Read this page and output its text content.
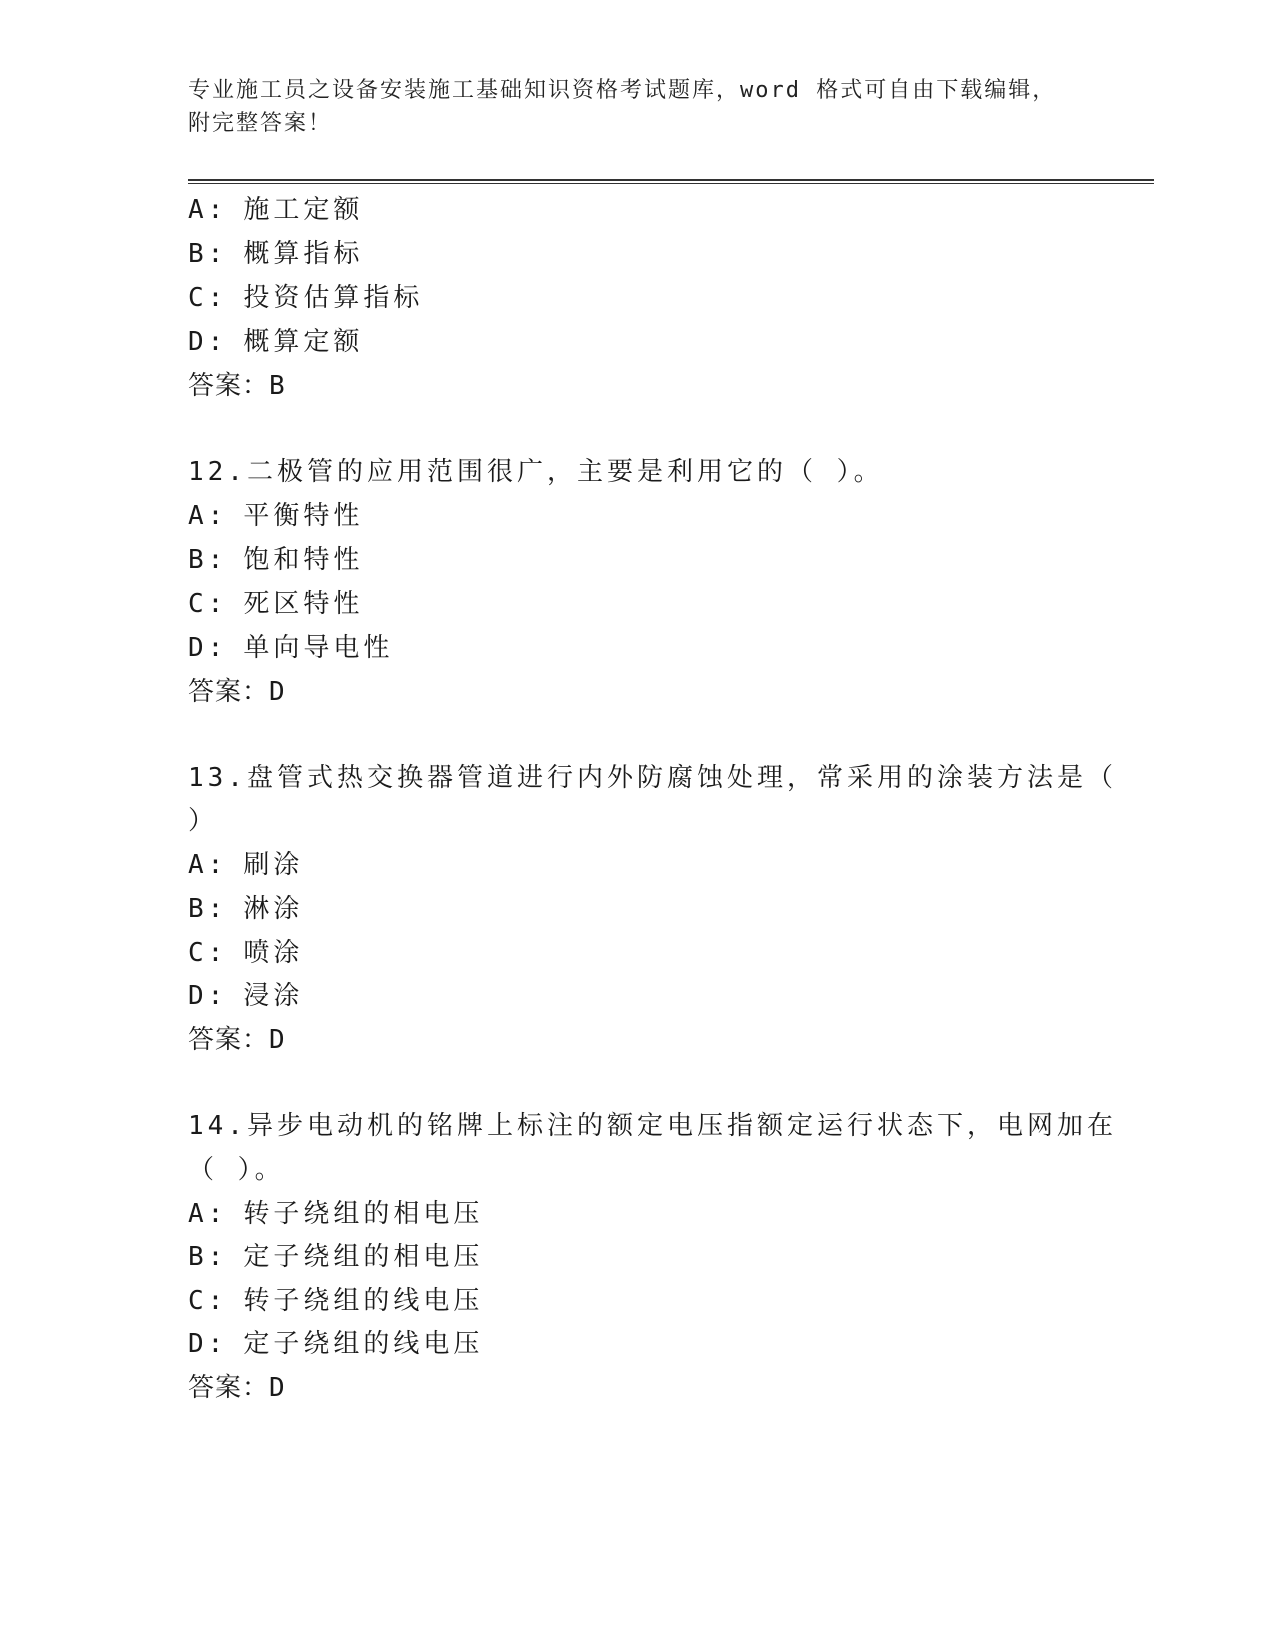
专业施工员之设备安装施工基础知识资格考试题库，word 格式可自由下载编辑，
附完整答案！
A: 施工定额
B: 概算指标
C: 投资估算指标
D: 概算定额
答案：B
12.二极管的应用范围很广，主要是利用它的（ ）。
A: 平衡特性
B: 饱和特性
C: 死区特性
D: 单向导电性
答案：D
13.盘管式热交换器管道进行内外防腐蚀处理，常采用的涂装方法是（
）
A: 刷涂
B: 淋涂
C: 喷涂
D: 浸涂
答案：D
14.异步电动机的铭牌上标注的额定电压指额定运行状态下，电网加在
（ ）。
A: 转子绕组的相电压
B: 定子绕组的相电压
C: 转子绕组的线电压
D: 定子绕组的线电压
答案：D
